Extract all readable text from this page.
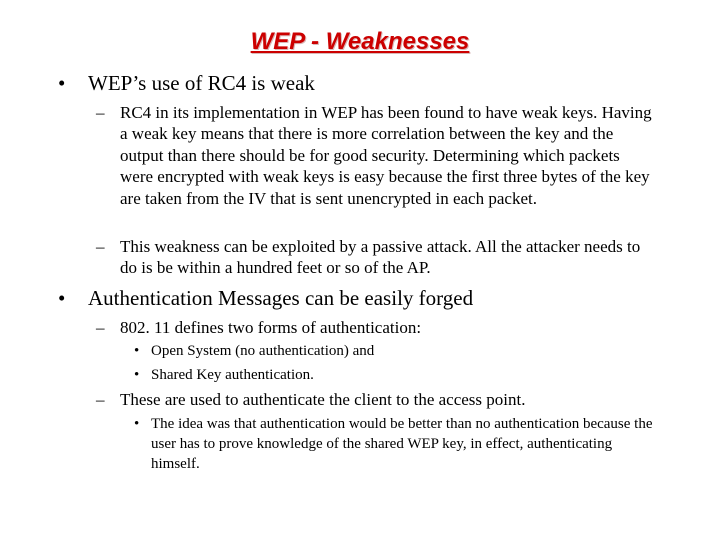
WEP - Weaknesses
• WEP’s use of RC4 is weak
– RC4 in its implementation in WEP has been found to have weak keys. Having a weak key means that there is more correlation between the key and the output than there should be for good security. Determining which packets were encrypted with weak keys is easy because the first three bytes of the key are taken from the IV that is sent unencrypted in each packet.
– This weakness can be exploited by a passive attack. All the attacker needs to do is be within a hundred feet or so of the AP.
• Authentication Messages can be easily forged
– 802. 11 defines two forms of authentication:
• Open System (no authentication) and
• Shared Key authentication.
– These are used to authenticate the client to the access point.
• The idea was that authentication would be better than no authentication because the user has to prove knowledge of the shared WEP key, in effect, authenticating himself.
